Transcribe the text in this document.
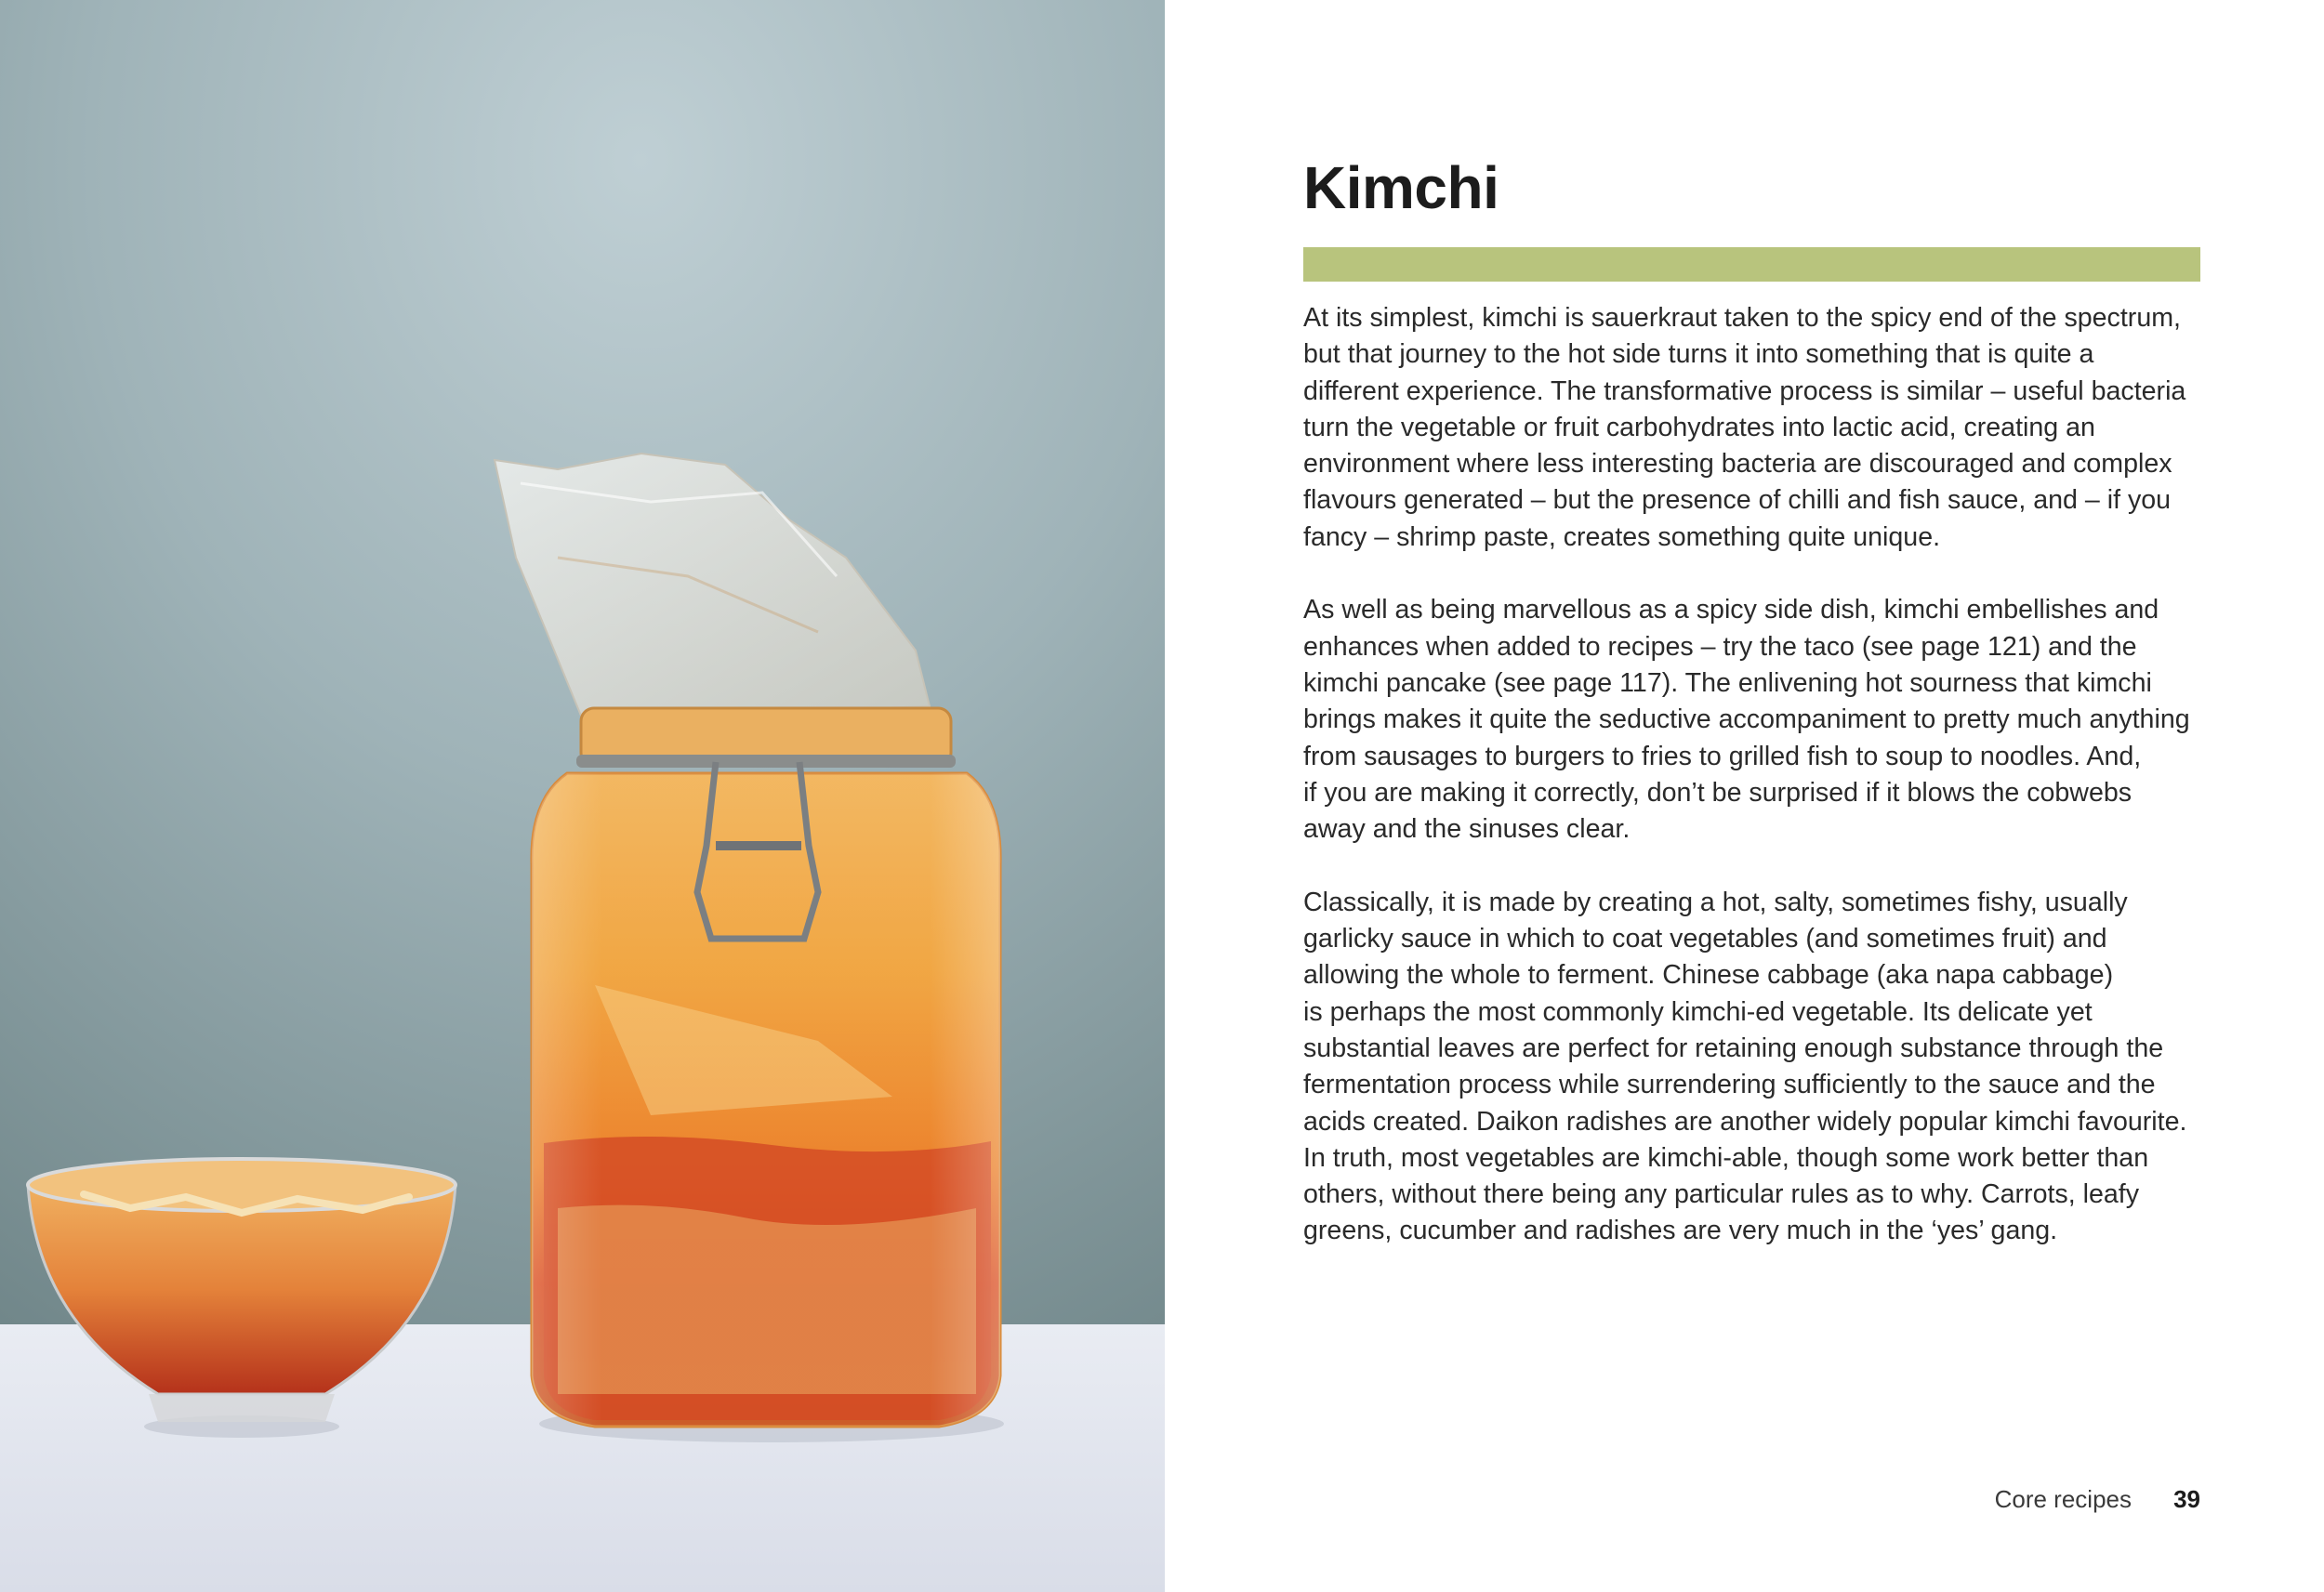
Kimchi

At its simplest, kimchi is sauerkraut taken to the spicy end of the spectrum,
but that journey to the hot side turns it into something that is quite a
different experience. The transformative process is similar – useful bacteria
turn the vegetable or fruit carbohydrates into lactic acid, creating an
environment where less interesting bacteria are discouraged and complex
flavours generated – but the presence of chilli and fish sauce, and – if you
fancy – shrimp paste, creates something quite unique.

As well as being marvellous as a spicy side dish, kimchi embellishes and
enhances when added to recipes – try the taco (see page 121) and the
kimchi pancake (see page 117). The enlivening hot sourness that kimchi
brings makes it quite the seductive accompaniment to pretty much anything
from sausages to burgers to fries to grilled fish to soup to noodles. And,
if you are making it correctly, don’t be surprised if it blows the cobwebs
away and the sinuses clear.

Classically, it is made by creating a hot, salty, sometimes fishy, usually
garlicky sauce in which to coat vegetables (and sometimes fruit) and
allowing the whole to ferment. Chinese cabbage (aka napa cabbage)
is perhaps the most commonly kimchi-ed vegetable. Its delicate yet
substantial leaves are perfect for retaining enough substance through the
fermentation process while surrendering sufficiently to the sauce and the
acids created. Daikon radishes are another widely popular kimchi favourite.
In truth, most vegetables are kimchi-able, though some work better than
others, without there being any particular rules as to why. Carrots, leafy
greens, cucumber and radishes are very much in the ‘yes’ gang.

Core recipes 39
